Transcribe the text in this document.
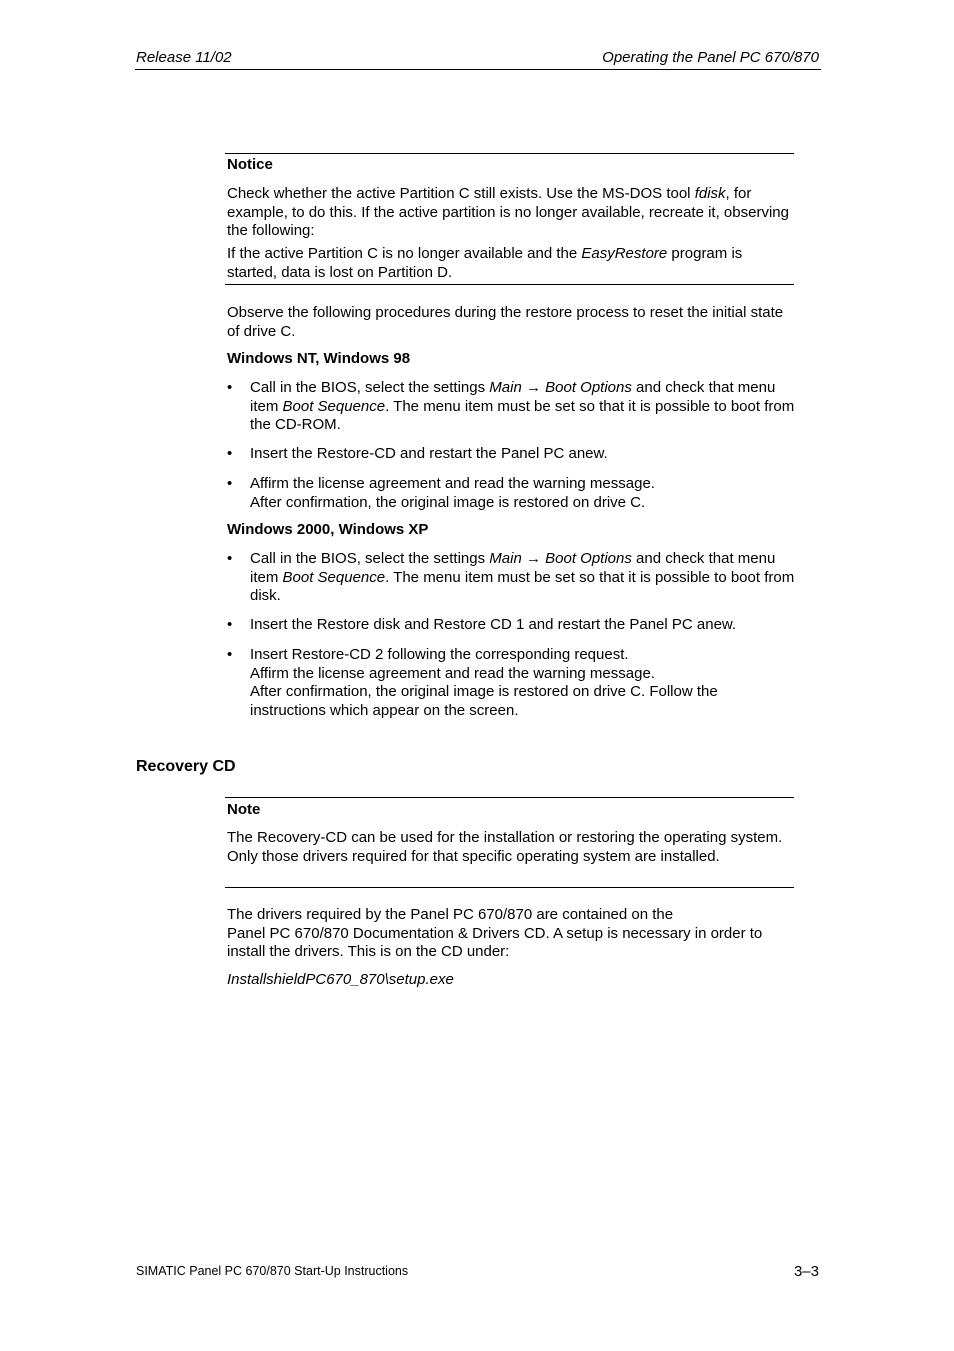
Release 11/02	Operating the Panel PC 670/870
Notice
Check whether the active Partition C still exists. Use the MS-DOS tool fdisk, for example, to do this. If the active partition is no longer available, recreate it, observing the following:
If the active Partition C is no longer available and the EasyRestore program is started, data is lost on Partition D.
Observe the following procedures during the restore process to reset the initial state of drive C.
Windows NT, Windows 98
• Call in the BIOS, select the settings Main → Boot Options and check that menu item Boot Sequence. The menu item must be set so that it is possible to boot from the CD-ROM.
• Insert the Restore-CD and restart the Panel PC anew.
• Affirm the license agreement and read the warning message.
After confirmation, the original image is restored on drive C.
Windows 2000, Windows XP
• Call in the BIOS, select the settings Main → Boot Options and check that menu item Boot Sequence. The menu item must be set so that it is possible to boot from disk.
• Insert the Restore disk and Restore CD 1 and restart the Panel PC anew.
• Insert Restore-CD 2 following the corresponding request.
Affirm the license agreement and read the warning message.
After confirmation, the original image is restored on drive C. Follow the instructions which appear on the screen.
Recovery CD
Note
The Recovery-CD can be used for the installation or restoring the operating system. Only those drivers required for that specific operating system are installed.
The drivers required by the Panel PC 670/870 are contained on the
Panel PC 670/870 Documentation & Drivers CD. A setup is necessary in order to install the drivers. This is on the CD under:
InstallshieldPC670_870\setup.exe
SIMATIC Panel PC 670/870 Start-Up Instructions	3–3
